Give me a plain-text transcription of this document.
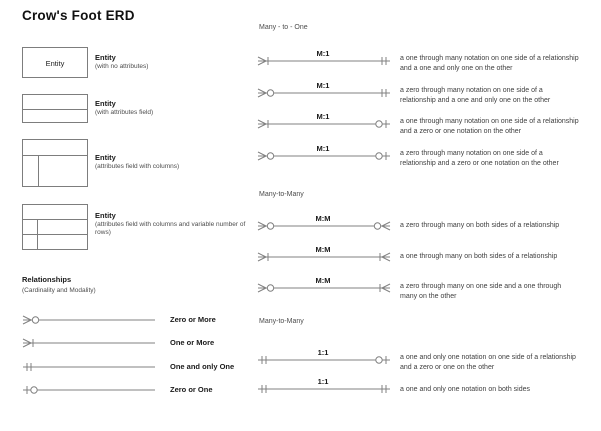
Crow's Foot ERD
Entity
Entity
(with no attributes)
Entity
(with attributes field)
Entity
(attributes field with columns)
Entity
(attributes field with columns and variable number of rows)
Relationships
(Cardinality and Modality)
Zero or More
One or More
One and only One
Zero or One
Many - to - One
M:1
a one through many notation on one side of a relationship and a one and only one on the other
M:1
a zero through many notation on one side of a relationship and a one and only one on the other
M:1
a one through many notation on one side of a relationship and a zero or one notation on the other
M:1
a zero through many notation on one side of a relationship and a zero or one notation on the other
Many-to-Many
M:M
a zero through many on both sides of a relationship
M:M
a one through many on both sides of a relationship
M:M
a zero through many on one side and a one through many on the other
Many-to-Many
1:1
a one and only one notation on one side of a relationship and a zero or one on the other
1:1
a one and only one notation on both sides
